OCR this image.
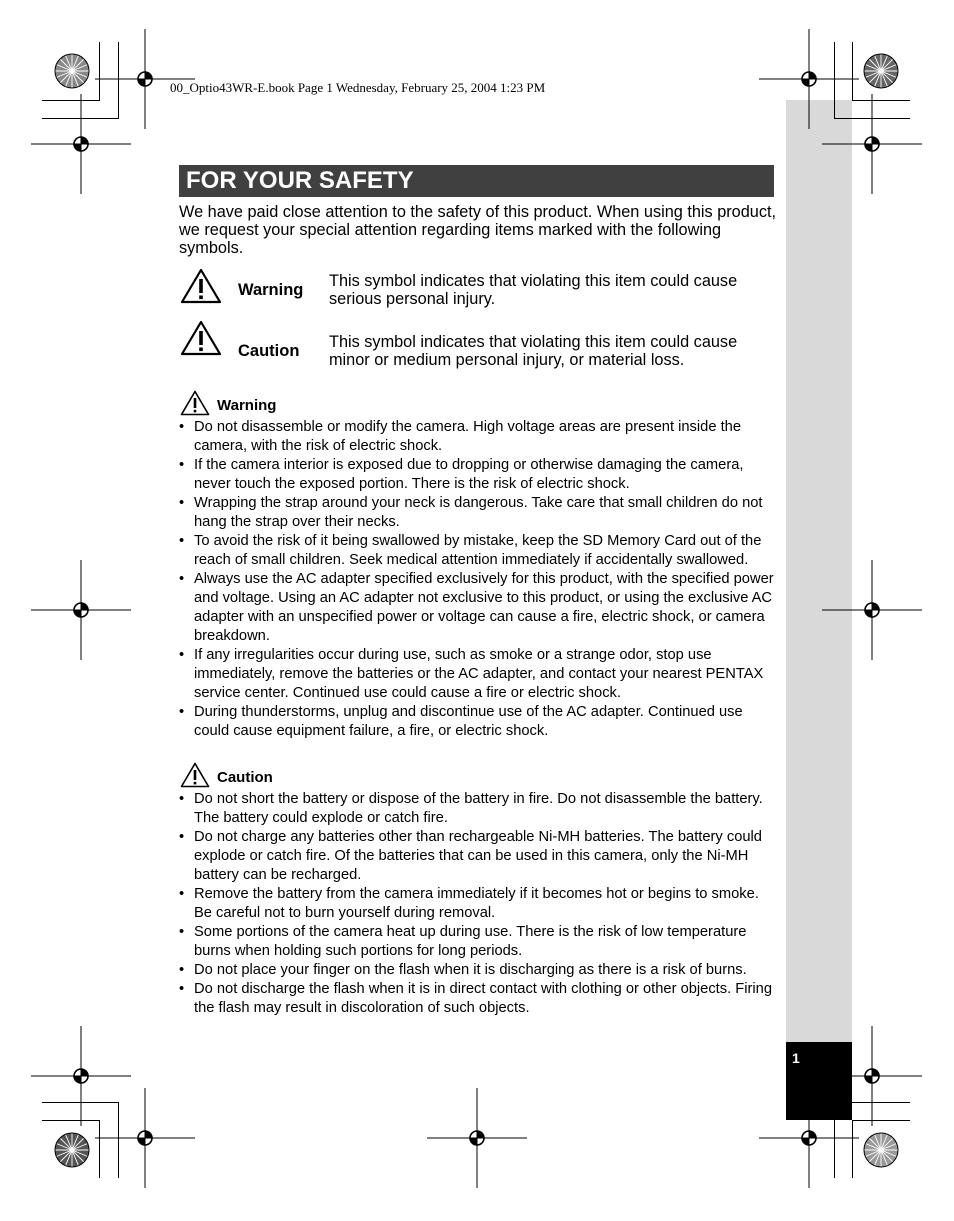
1
00_Optio43WR-E.book Page 1 Wednesday, February 25, 2004 1:23 PM
FOR YOUR SAFETY
We have paid close attention to the safety of this product. When using this product, we request your special attention regarding items marked with the following symbols.
Warning This symbol indicates that violating this item could cause serious personal injury.
Caution This symbol indicates that violating this item could cause minor or medium personal injury, or material loss.
Warning
• Do not disassemble or modify the camera. High voltage areas are present inside the camera, with the risk of electric shock.
• If the camera interior is exposed due to dropping or otherwise damaging the camera, never touch the exposed portion. There is the risk of electric shock.
• Wrapping the strap around your neck is dangerous. Take care that small children do not hang the strap over their necks.
• To avoid the risk of it being swallowed by mistake, keep the SD Memory Card out of the reach of small children. Seek medical attention immediately if accidentally swallowed.
• Always use the AC adapter specified exclusively for this product, with the specified power and voltage. Using an AC adapter not exclusive to this product, or using the exclusive AC adapter with an unspecified power or voltage can cause a fire, electric shock, or camera breakdown.
• If any irregularities occur during use, such as smoke or a strange odor, stop use immediately, remove the batteries or the AC adapter, and contact your nearest PENTAX service center. Continued use could cause a fire or electric shock.
• During thunderstorms, unplug and discontinue use of the AC adapter. Continued use could cause equipment failure, a fire, or electric shock.
Caution
• Do not short the battery or dispose of the battery in fire. Do not disassemble the battery. The battery could explode or catch fire.
• Do not charge any batteries other than rechargeable Ni-MH batteries. The battery could explode or catch fire. Of the batteries that can be used in this camera, only the Ni-MH battery can be recharged.
• Remove the battery from the camera immediately if it becomes hot or begins to smoke. Be careful not to burn yourself during removal.
• Some portions of the camera heat up during use. There is the risk of low temperature burns when holding such portions for long periods.
• Do not place your finger on the flash when it is discharging as there is a risk of burns.
• Do not discharge the flash when it is in direct contact with clothing or other objects. Firing the flash may result in discoloration of such objects.
